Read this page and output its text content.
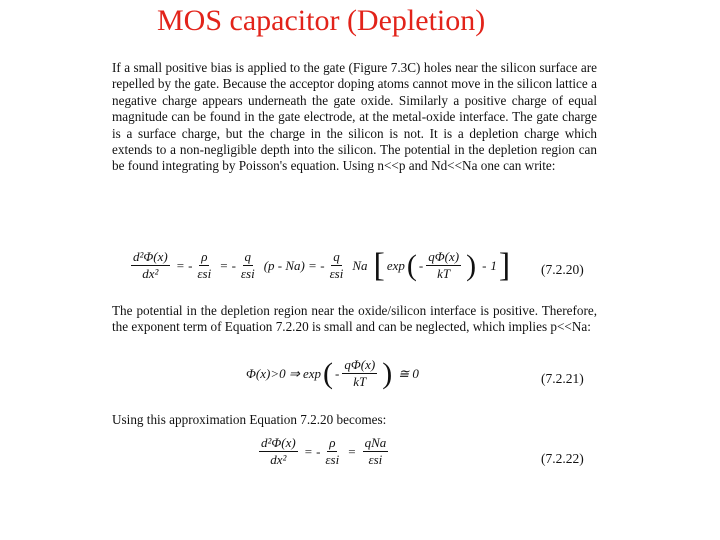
MOS capacitor (Depletion)
If a small positive bias is applied to the gate (Figure 7.3C) holes near the silicon surface are repelled by the gate. Because the acceptor doping atoms cannot move in the silicon lattice a negative charge appears underneath the gate oxide. Similarly a positive charge of equal magnitude can be found in the gate electrode, at the metal-oxide interface. The gate charge is a surface charge, but the charge in the silicon is not. It is a depletion charge which extends to a non-negligible depth into the silicon. The potential in the depletion region can be found integrating by Poisson's equation. Using n<<p and Nd<<Na one can write:
$\frac{\text{d²Φ(x)}}{\text{dx²}}$ = - $\frac{\rho}{\text{εsi}}$ = - $\frac{q}{\text{εsi}} (p - Na)$ = - $\frac{q}{\text{εsi}}$ Na [ exp ( - $\frac{q\Phi(x)}{kT}$ ) - 1 ] (7.2.20)
The potential in the depletion region near the oxide/silicon interface is positive. Therefore, the exponent term of Equation 7.2.20 is small and can be neglected, which implies p<<Na:
Φ(x)>0 ⇒ exp ( - $\frac{q\Phi(x)}{kT}$ ) ≅ 0	(7.2.21)
Using this approximation Equation 7.2.20 becomes:
$\frac{\text{d²Φ(x)}}{\text{dx²}}$ = - $\frac{\rho}{\text{εsi}} = \frac{\text{qNa}}{\text{εsi}}$	(7.2.22)
